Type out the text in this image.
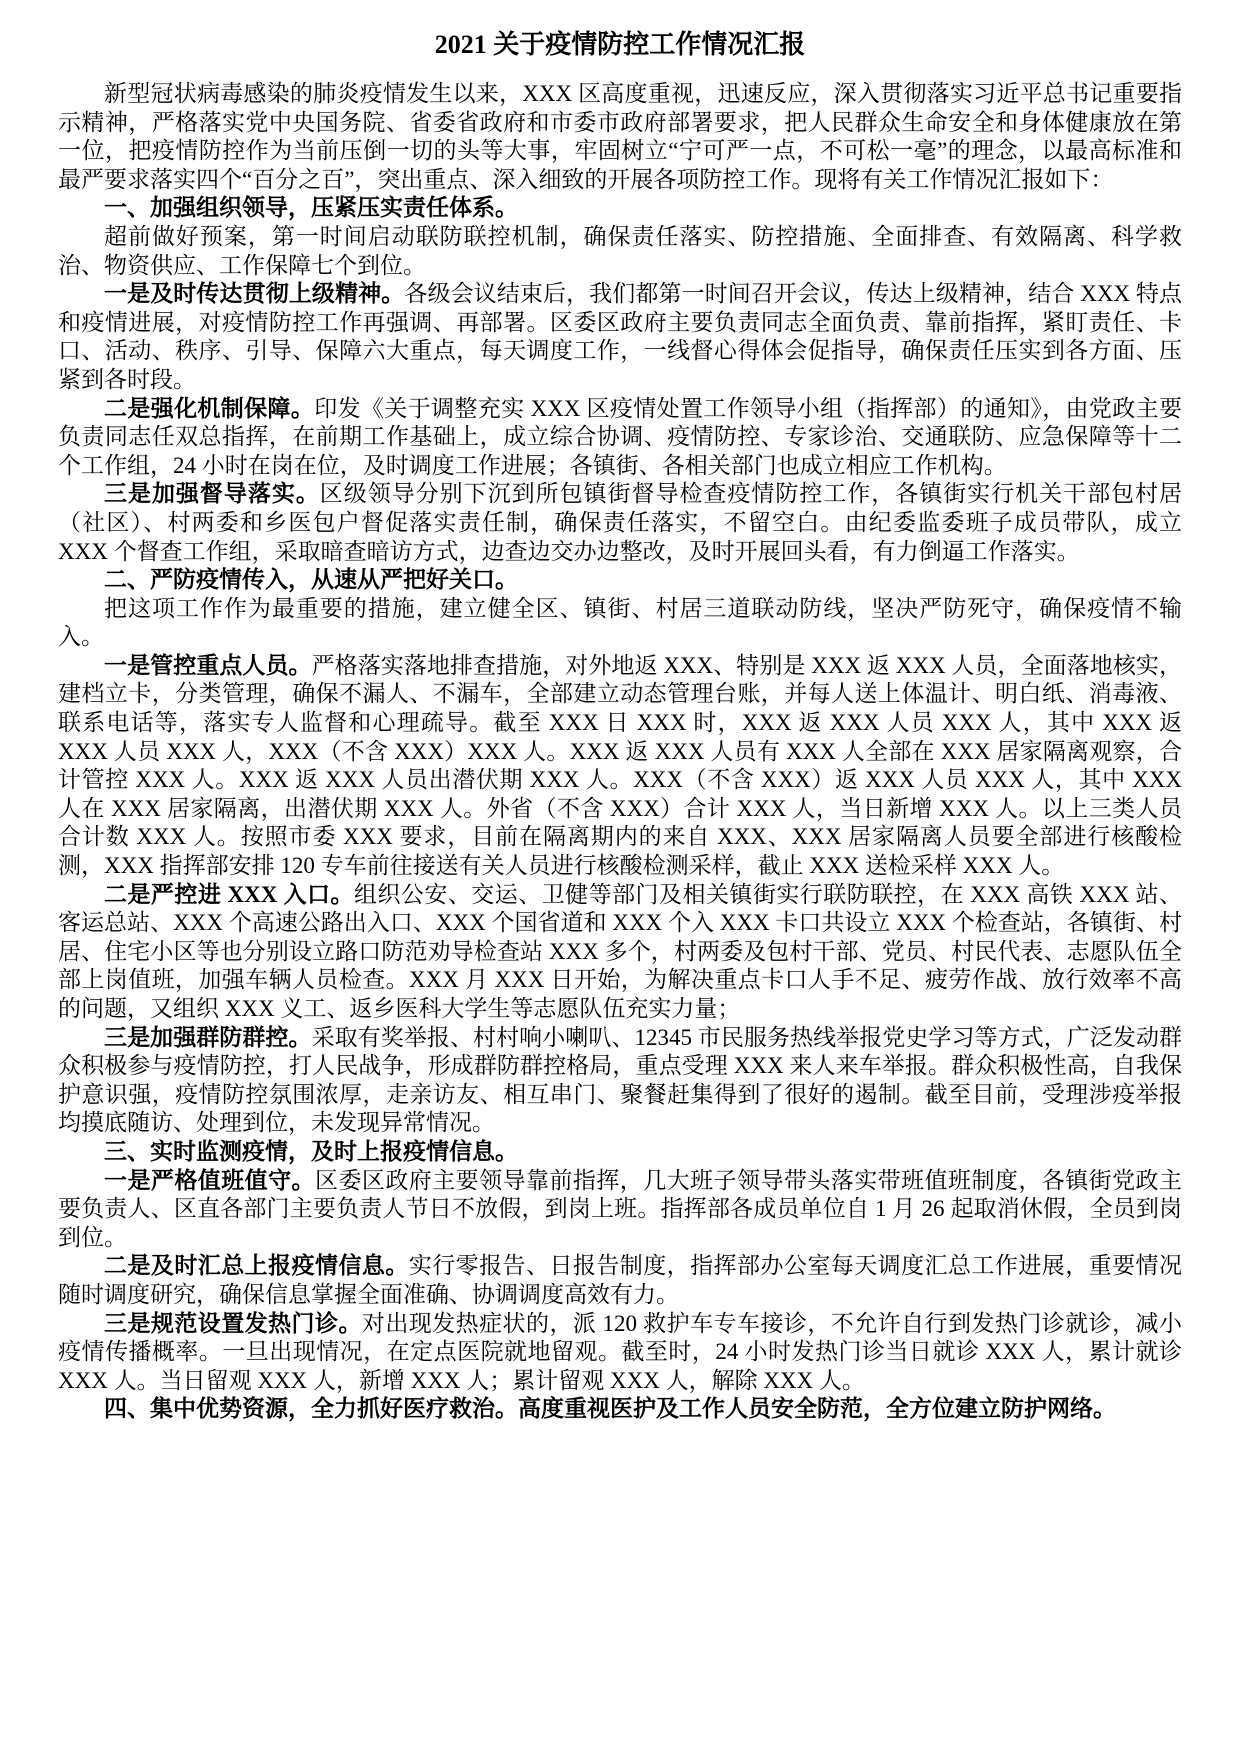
2021 关于疫情防控工作情况汇报

新型冠状病毒感染的肺炎疫情发生以来，XXX 区高度重视，迅速反应，深入贯彻落实习近平总书记重要指示精神，严格落实党中央国务院、省委省政府和市委市政府部署要求，把人民群众生命安全和身体健康放在第一位，把疫情防控作为当前压倒一切的头等大事，牢固树立“宁可严一点，不可松一毫”的理念，以最高标准和最严要求落实四个“百分之百”，突出重点、深入细致的开展各项防控工作。现将有关工作情况汇报如下：

一、加强组织领导，压紧压实责任体系。

超前做好预案，第一时间启动联防联控机制，确保责任落实、防控措施、全面排查、有效隔离、科学救治、物资供应、工作保障七个到位。

一是及时传达贯彻上级精神。各级会议结束后，我们都第一时间召开会议，传达上级精神，结合 XXX 特点和疫情进展，对疫情防控工作再强调、再部署。区委区政府主要负责同志全面负责、靠前指挥，紧盯责任、卡口、活动、秩序、引导、保障六大重点，每天调度工作，一线督心得体会促指导，确保责任压实到各方面、压紧到各时段。

二是强化机制保障。印发《关于调整充实 XXX 区疫情处置工作领导小组（指挥部）的通知》，由党政主要负责同志任双总指挥，在前期工作基础上，成立综合协调、疫情防控、专家诊治、交通联防、应急保障等十二个工作组，24 小时在岗在位，及时调度工作进展；各镇街、各相关部门也成立相应工作机构。

三是加强督导落实。区级领导分别下沉到所包镇街督导检查疫情防控工作，各镇街实行机关干部包村居（社区）、村两委和乡医包户督促落实责任制，确保责任落实，不留空白。由纪委监委班子成员带队，成立 XXX 个督查工作组，采取暗查暗访方式，边查边交办边整改，及时开展回头看，有力倒逼工作落实。

二、严防疫情传入，从速从严把好关口。

把这项工作作为最重要的措施，建立健全区、镇街、村居三道联动防线，坚决严防死守，确保疫情不输入。

一是管控重点人员。严格落实落地排查措施，对外地返 XXX、特别是 XXX 返 XXX 人员，全面落地核实，建档立卡，分类管理，确保不漏人、不漏车，全部建立动态管理台账，并每人送上体温计、明白纸、消毒液、联系电话等，落实专人监督和心理疏导。截至 XXX 日 XXX 时，XXX 返 XXX 人员 XXX 人，其中 XXX 返 XXX 人员 XXX 人，XXX（不含 XXX）XXX 人。XXX 返 XXX 人员有 XXX 人全部在 XXX 居家隔离观察，合计管控 XXX 人。XXX 返 XXX 人员出潜伏期 XXX 人。XXX（不含 XXX）返 XXX 人员 XXX 人，其中 XXX 人在 XXX 居家隔离，出潜伏期 XXX 人。外省（不含 XXX）合计 XXX 人，当日新增 XXX 人。以上三类人员合计数 XXX 人。按照市委 XXX 要求，目前在隔离期内的来自 XXX、XXX 居家隔离人员要全部进行核酸检测，XXX 指挥部安排 120 专车前往接送有关人员进行核酸检测采样，截止 XXX 送检采样 XXX 人。

二是严控进 XXX 入口。组织公安、交运、卫健等部门及相关镇街实行联防联控，在 XXX 高铁 XXX 站、客运总站、XXX 个高速公路出入口、XXX 个国省道和 XXX 个入 XXX 卡口共设立 XXX 个检查站，各镇街、村居、住宅小区等也分别设立路口防范劝导检查站 XXX 多个，村两委及包村干部、党员、村民代表、志愿队伍全部上岗值班，加强车辆人员检查。XXX 月 XXX 日开始，为解决重点卡口人手不足、疲劳作战、放行效率不高的问题，又组织 XXX 义工、返乡医科大学生等志愿队伍充实力量；

三是加强群防群控。采取有奖举报、村村响小喇叭、12345 市民服务热线举报党史学习等方式，广泛发动群众积极参与疫情防控，打人民战争，形成群防群控格局，重点受理 XXX 来人来车举报。群众积极性高，自我保护意识强，疫情防控氛围浓厚，走亲访友、相互串门、聚餐赶集得到了很好的遏制。截至目前，受理涉疫举报均摸底随访、处理到位，未发现异常情况。

三、实时监测疫情，及时上报疫情信息。

一是严格值班值守。区委区政府主要领导靠前指挥，几大班子领导带头落实带班值班制度，各镇街党政主要负责人、区直各部门主要负责人节日不放假，到岗上班。指挥部各成员单位自 1 月 26 起取消休假，全员到岗到位。

二是及时汇总上报疫情信息。实行零报告、日报告制度，指挥部办公室每天调度汇总工作进展，重要情况随时调度研究，确保信息掌握全面准确、协调调度高效有力。

三是规范设置发热门诊。对出现发热症状的，派 120 救护车专车接诊，不允许自行到发热门诊就诊，减小疫情传播概率。一旦出现情况，在定点医院就地留观。截至时，24 小时发热门诊当日就诊 XXX 人，累计就诊 XXX 人。当日留观 XXX 人，新增 XXX 人；累计留观 XXX 人，解除 XXX 人。

四、集中优势资源，全力抓好医疗救治。高度重视医护及工作人员安全防范，全方位建立防护网络。
